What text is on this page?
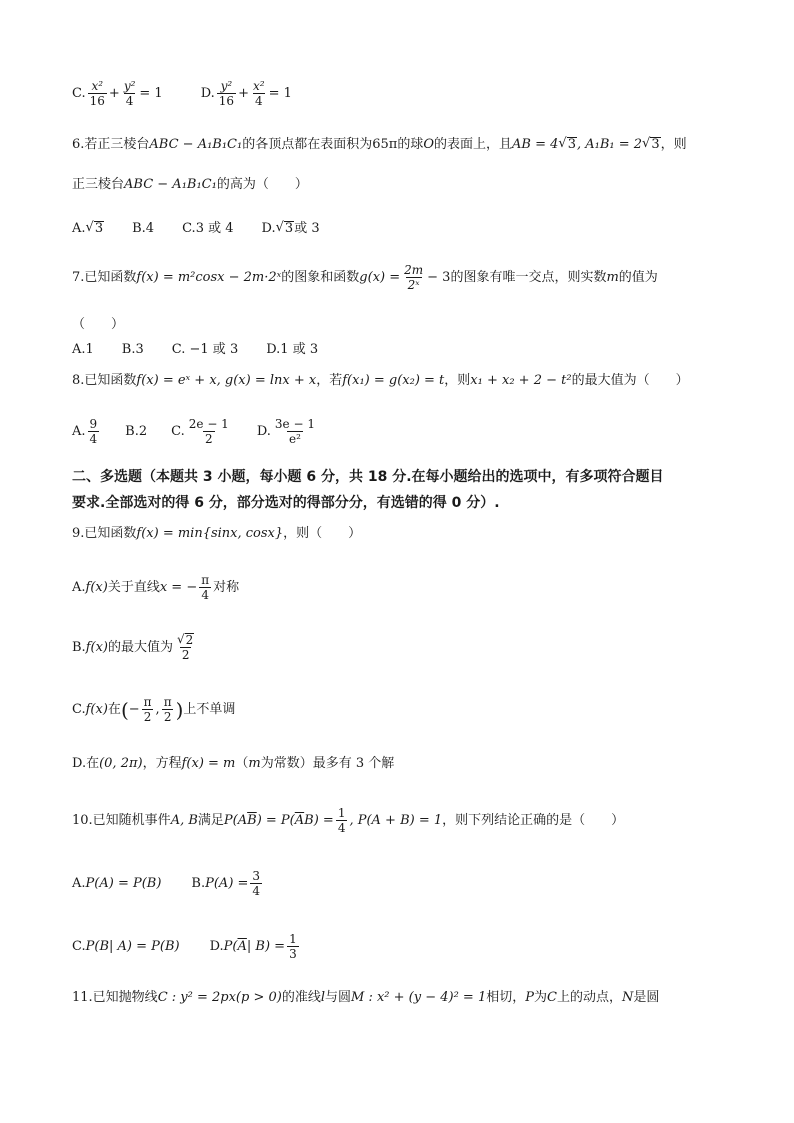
C. $\frac{\text{x²}}{16} + \frac{\text{y²}}{4} = 1$	D. $\frac{\text{y²}}{16} + \frac{\text{x²}}{4} = 1$
6.若正三棱台 ABC − A₁B₁C₁ 的各顶点都在表面积为 65π 的球 O 的表面上，且 AB = 4 √ 3 , A₁B₁ = 2 √ 3 ，则
正三棱台 ABC − A₁B₁C₁ 的高为（　　）
A. √ 3 B.4 C.3 或 4 D. √ 3 或 3
7.已知函数 f(x) = m²cosx − 2m·2ˣ 的图象和函数 $g(x) = \frac{2m}{\text{2ˣ}} - 3$ 的图象有唯一交点，则实数 m 的值为
（　　）
A.1 B.3 C. −1 或 3 D.1 或 3
8.已知函数 f(x) = eˣ + x, g(x) = lnx + x ，若 f(x₁) = g(x₂) = t ，则 x₁ + x₂ + 2 − t² 的最大值为（　　）
A. $\frac{9}{4} B.2$ C. $\frac{2e - 1}{2} D$. $\frac{3e - 1}{\text{e²}}$
二、多选题（本题共 3 小题，每小题 6 分，共 18 分.在每小题给出的选项中，有多项符合题目
要求.全部选对的得 6 分，部分选对的得部分分，有选错的得 0 分）.
9.已知函数 f(x) = min{sinx, cosx} ，则（　　）
A. f(x) 关于直线 x = − $\frac{\pi}{4}$ 对称
B. f(x) 的最大值为 $\frac{√ 2}{2}$
C. f(x) 在 ( − $\frac{\pi}{2}$ , $\frac{\pi}{2}$ ) 上不单调
D.在 (0, 2π) ，方程 f(x) = m （ m 为常数）最多有 3 个解
10.已知随机事件 A, B 满足 P(A $\overline{B}$ ) = P( $\overline{A}$ $B) = \frac{1}{4}$ , P(A + B) = 1 ，则下列结论正确的是（　　）
A. P(A) = P(B) B. $P(A) = \frac{3}{4}$
C. P(B| A) = P(B) D. P( $\overline{A}$ | $B) = \frac{1}{3}$
11.已知抛物线 C : y² = 2px(p > 0) 的准线 l 与圆 M : x² + (y − 4)² = 1 相切， P 为 C 上的动点， N 是圆
